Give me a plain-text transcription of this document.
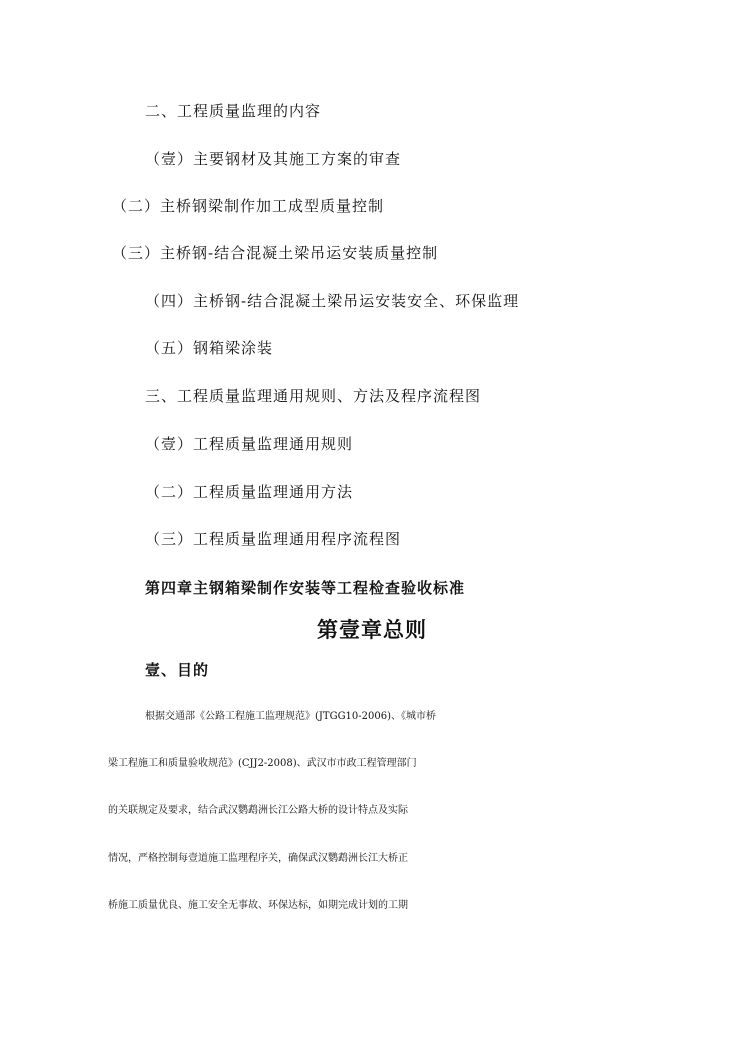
二、工程质量监理的内容
（壹）主要钢材及其施工方案的审查
（二）主桥钢梁制作加工成型质量控制
（三）主桥钢-结合混凝土梁吊运安装质量控制
（四）主桥钢-结合混凝土梁吊运安装安全、环保监理
（五）钢箱梁涂装
三、工程质量监理通用规则、方法及程序流程图
（壹）工程质量监理通用规则
（二）工程质量监理通用方法
（三）工程质量监理通用程序流程图
第四章主钢箱梁制作安装等工程检查验收标准
第壹章总则
壹、目的
根据交通部《公路工程施工监理规范》(JTGG10-2006)、《城市桥
梁工程施工和质量验收规范》(CJJ2-2008)、武汉市市政工程管理部门
的关联规定及要求，结合武汉鹦鹉洲长江公路大桥的设计特点及实际
情况，严格控制每壹道施工监理程序关，确保武汉鹦鹉洲长江大桥正
桥施工质量优良、施工安全无事故、环保达标，如期完成计划的工期
